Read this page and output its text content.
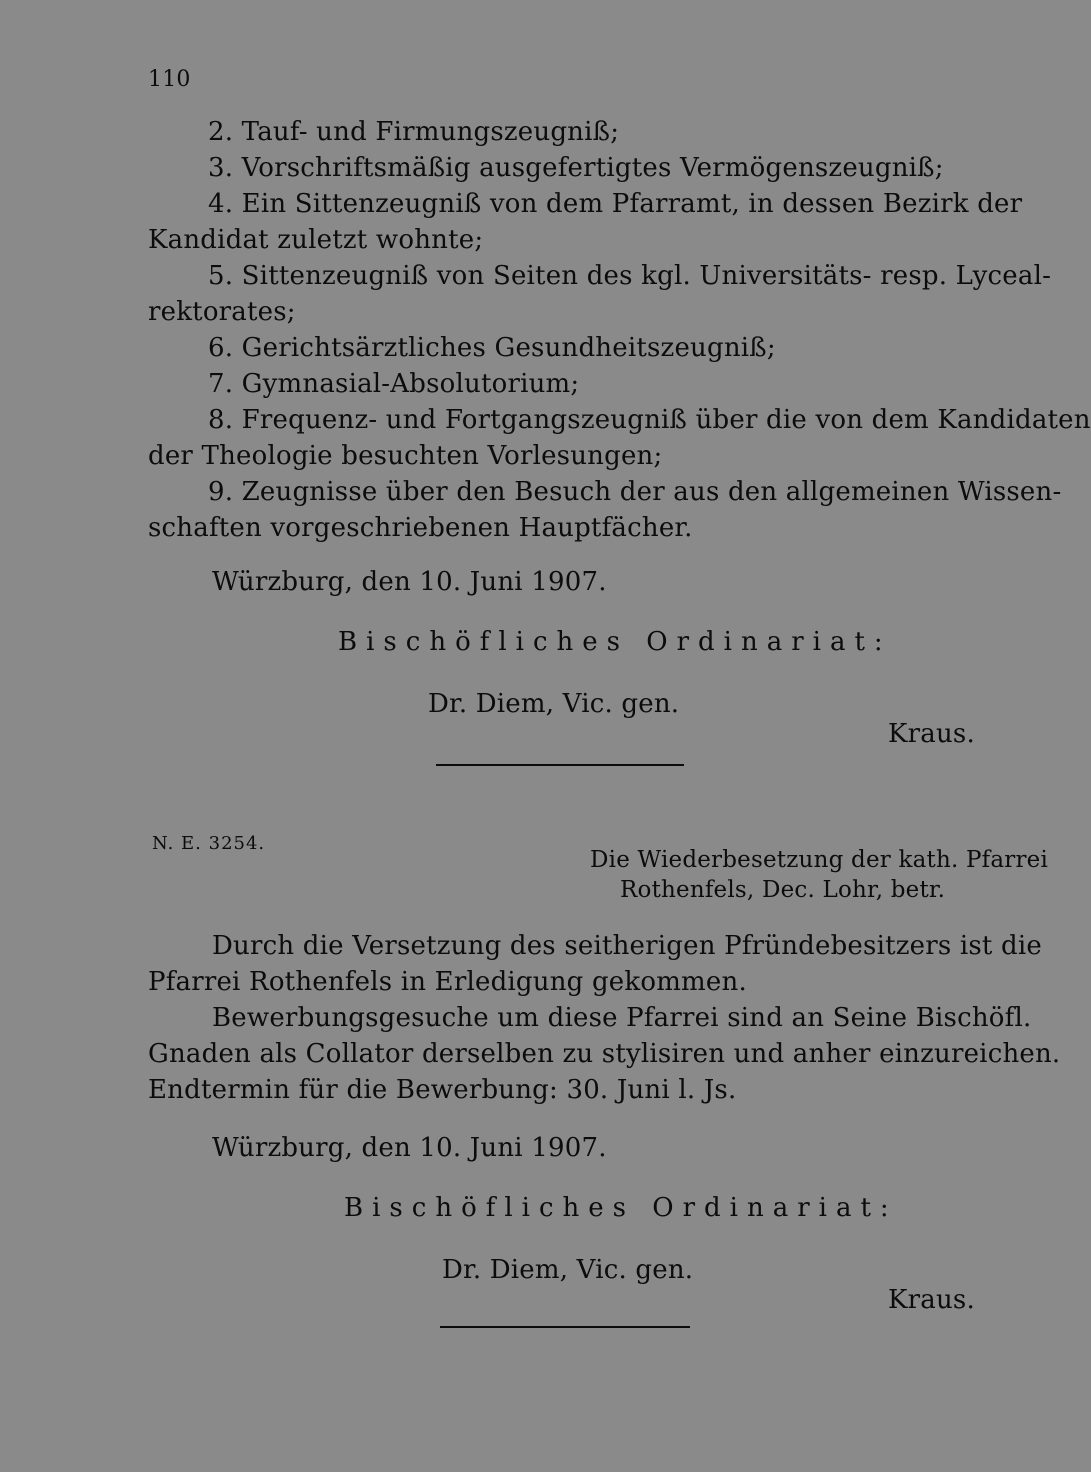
110

2. Tauf- und Firmungszeugniß;

3. Vorschriftsmäßig ausgefertigtes Vermögenszeugniß;

4. Ein Sittenzeugniß von dem Pfarramt, in dessen Bezirk der

Kandidat zuletzt wohnte;

5. Sittenzeugniß von Seiten des kgl. Universitäts- resp. Lyceal-

rektorates;

6. Gerichtsärztliches Gesundheitszeugniß;

7. Gymnasial-Absolutorium;

8. Frequenz- und Fortgangszeugniß über die von dem Kandidaten

der Theologie besuchten Vorlesungen;

9. Zeugnisse über den Besuch der aus den allgemeinen Wissen-

schaften vorgeschriebenen Hauptfächer.

Würzburg, den 10. Juni 1907.

Bischöfliches Ordinariat:

Dr. Diem, Vic. gen.

Kraus.

N. E. 3254.

Die Wiederbesetzung der kath. Pfarrei

Rothenfels, Dec. Lohr, betr.

Durch die Versetzung des seitherigen Pfründebesitzers ist die

Pfarrei Rothenfels in Erledigung gekommen.

Bewerbungsgesuche um diese Pfarrei sind an Seine Bischöfl.

Gnaden als Collator derselben zu stylisiren und anher einzureichen.

Endtermin für die Bewerbung: 30. Juni l. Js.

Würzburg, den 10. Juni 1907.

Bischöfliches Ordinariat:

Dr. Diem, Vic. gen.

Kraus.
